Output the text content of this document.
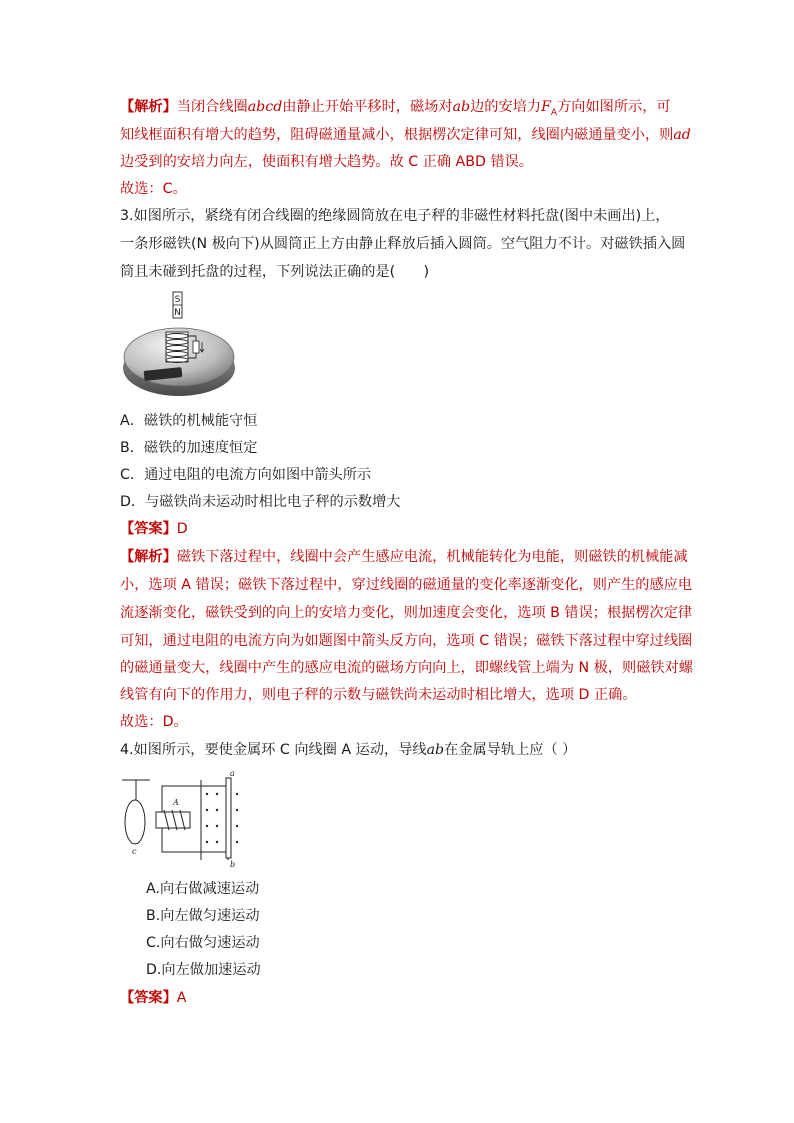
【解析】当闭合线圈abcd由静止开始平移时，磁场对ab边的安培力$F_A$方向如图所示，可
知线框面积有增大的趋势，阻碍磁通量减小，根据楞次定律可知，线圈内磁通量变小，则ad
边受到的安培力向左，使面积有增大趋势。故 C 正确 ABD 错误。
故选：C。
3.如图所示，紧绕有闭合线圈的绝缘圆筒放在电子秤的非磁性材料托盘(图中未画出)上，
一条形磁铁(N 极向下)从圆筒正上方由静止释放后插入圆筒。空气阻力不计。对磁铁插入圆
筒且未碰到托盘的过程，下列说法正确的是(　　)
S
N
A．磁铁的机械能守恒
B．磁铁的加速度恒定
C．通过电阻的电流方向如图中箭头所示
D．与磁铁尚未运动时相比电子秤的示数增大
【答案】D
【解析】磁铁下落过程中，线圈中会产生感应电流，机械能转化为电能，则磁铁的机械能减
小，选项 A 错误；磁铁下落过程中，穿过线圈的磁通量的变化率逐渐变化，则产生的感应电
流逐渐变化，磁铁受到的向上的安培力变化，则加速度会变化，选项 B 错误；根据楞次定律
可知，通过电阻的电流方向为如题图中箭头反方向，选项 C 错误；磁铁下落过程中穿过线圈
的磁通量变大，线圈中产生的感应电流的磁场方向向上，即螺线管上端为 N 极，则磁铁对螺
线管有向下的作用力，则电子秤的示数与磁铁尚未运动时相比增大，选项 D 正确。
故选：D。
4.如图所示，要使金属环 C 向线圈 A 运动，导线ab在金属导轨上应（ ）
a
b
c
A
A.向右做减速运动
B.向左做匀速运动
C.向右做匀速运动
D.向左做加速运动
【答案】A
